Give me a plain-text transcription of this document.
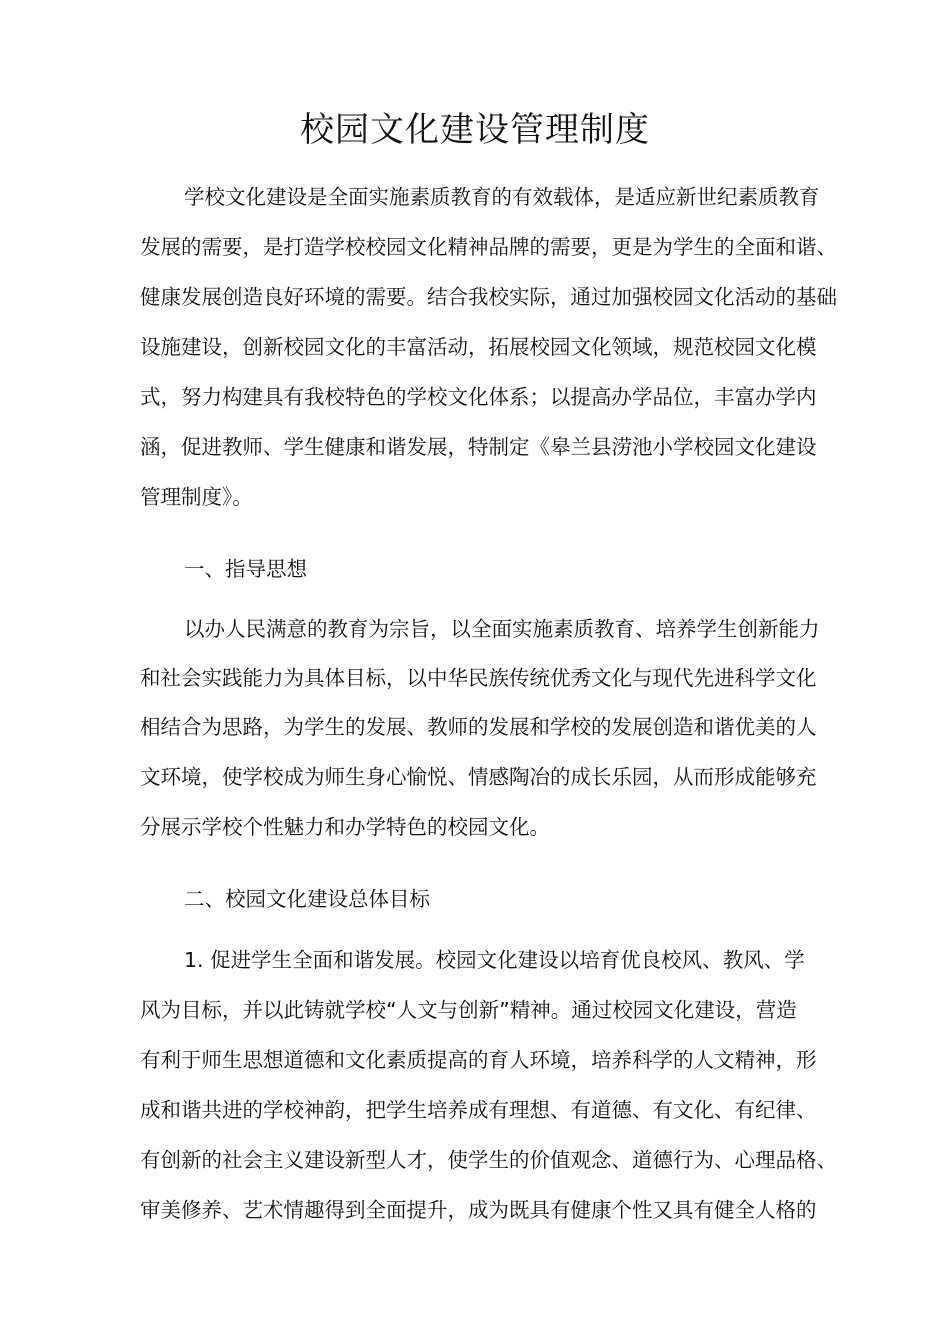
校园文化建设管理制度
学校文化建设是全面实施素质教育的有效载体，是适应新世纪素质教育
发展的需要，是打造学校校园文化精神品牌的需要，更是为学生的全面和谐、
健康发展创造良好环境的需要。结合我校实际，通过加强校园文化活动的基础
设施建设，创新校园文化的丰富活动，拓展校园文化领域，规范校园文化模
式，努力构建具有我校特色的学校文化体系；以提高办学品位，丰富办学内
涵，促进教师、学生健康和谐发展，特制定《皋兰县涝池小学校园文化建设
管理制度》。
一、指导思想
以办人民满意的教育为宗旨，以全面实施素质教育、培养学生创新能力
和社会实践能力为具体目标，以中华民族传统优秀文化与现代先进科学文化
相结合为思路，为学生的发展、教师的发展和学校的发展创造和谐优美的人
文环境，使学校成为师生身心愉悦、情感陶冶的成长乐园，从而形成能够充
分展示学校个性魅力和办学特色的校园文化。
二、校园文化建设总体目标
1. 促进学生全面和谐发展。校园文化建设以培育优良校风、教风、学
风为目标，并以此铸就学校“人文与创新”精神。通过校园文化建设，营造
有利于师生思想道德和文化素质提高的育人环境，培养科学的人文精神，形
成和谐共进的学校神韵，把学生培养成有理想、有道德、有文化、有纪律、
有创新的社会主义建设新型人才，使学生的价值观念、道德行为、心理品格、
审美修养、艺术情趣得到全面提升，成为既具有健康个性又具有健全人格的
